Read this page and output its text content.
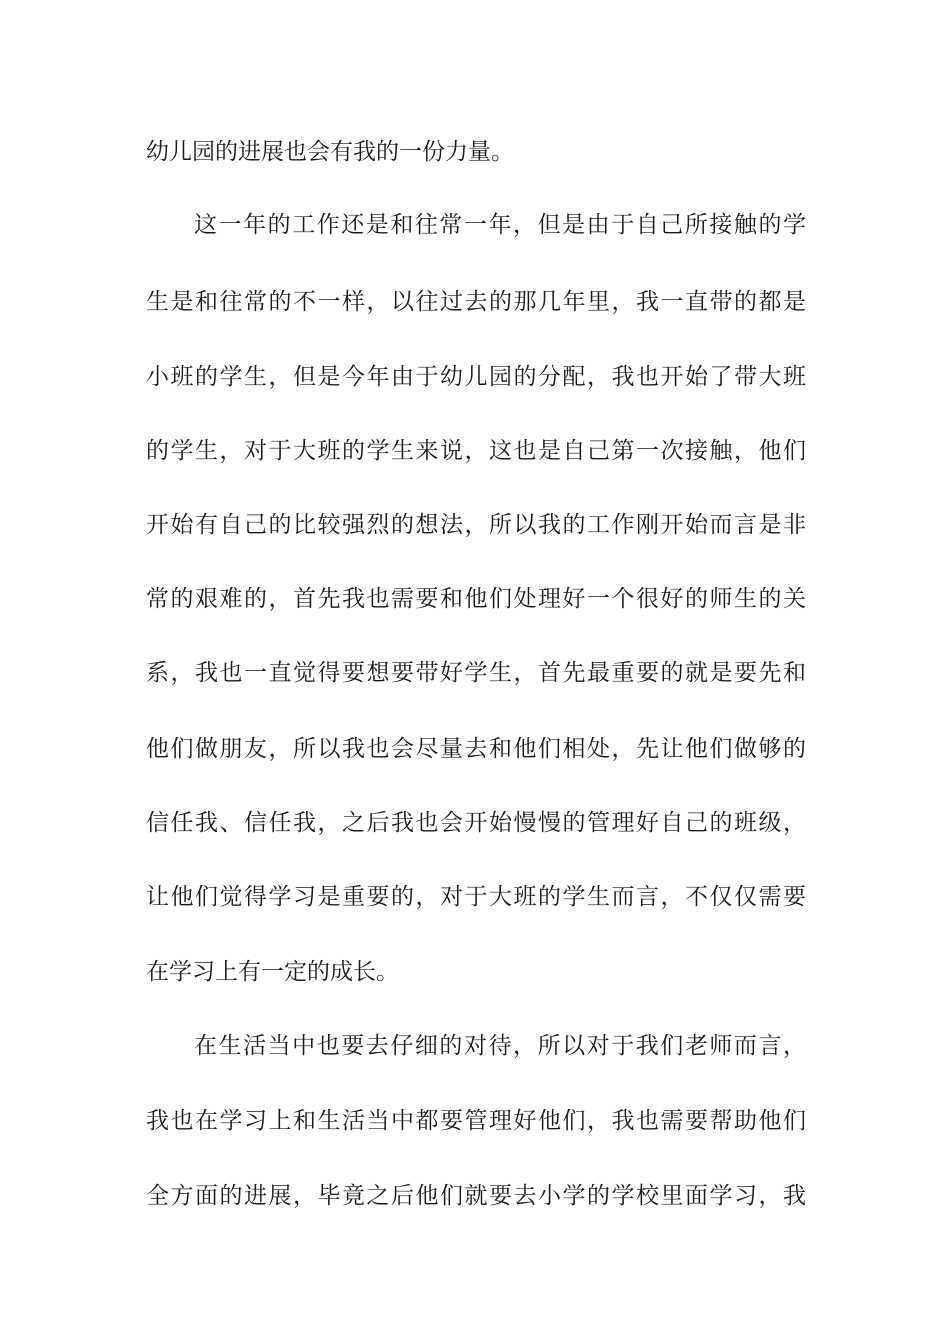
幼儿园的进展也会有我的一份力量。
这一年的工作还是和往常一年，但是由于自己所接触的学
生是和往常的不一样，以往过去的那几年里，我一直带的都是
小班的学生，但是今年由于幼儿园的分配，我也开始了带大班
的学生，对于大班的学生来说，这也是自己第一次接触，他们
开始有自己的比较强烈的想法，所以我的工作刚开始而言是非
常的艰难的，首先我也需要和他们处理好一个很好的师生的关
系，我也一直觉得要想要带好学生，首先最重要的就是要先和
他们做朋友，所以我也会尽量去和他们相处，先让他们做够的
信任我、信任我，之后我也会开始慢慢的管理好自己的班级，
让他们觉得学习是重要的，对于大班的学生而言，不仅仅需要
在学习上有一定的成长。
在生活当中也要去仔细的对待，所以对于我们老师而言，
我也在学习上和生活当中都要管理好他们，我也需要帮助他们
全方面的进展，毕竟之后他们就要去小学的学校里面学习，我
